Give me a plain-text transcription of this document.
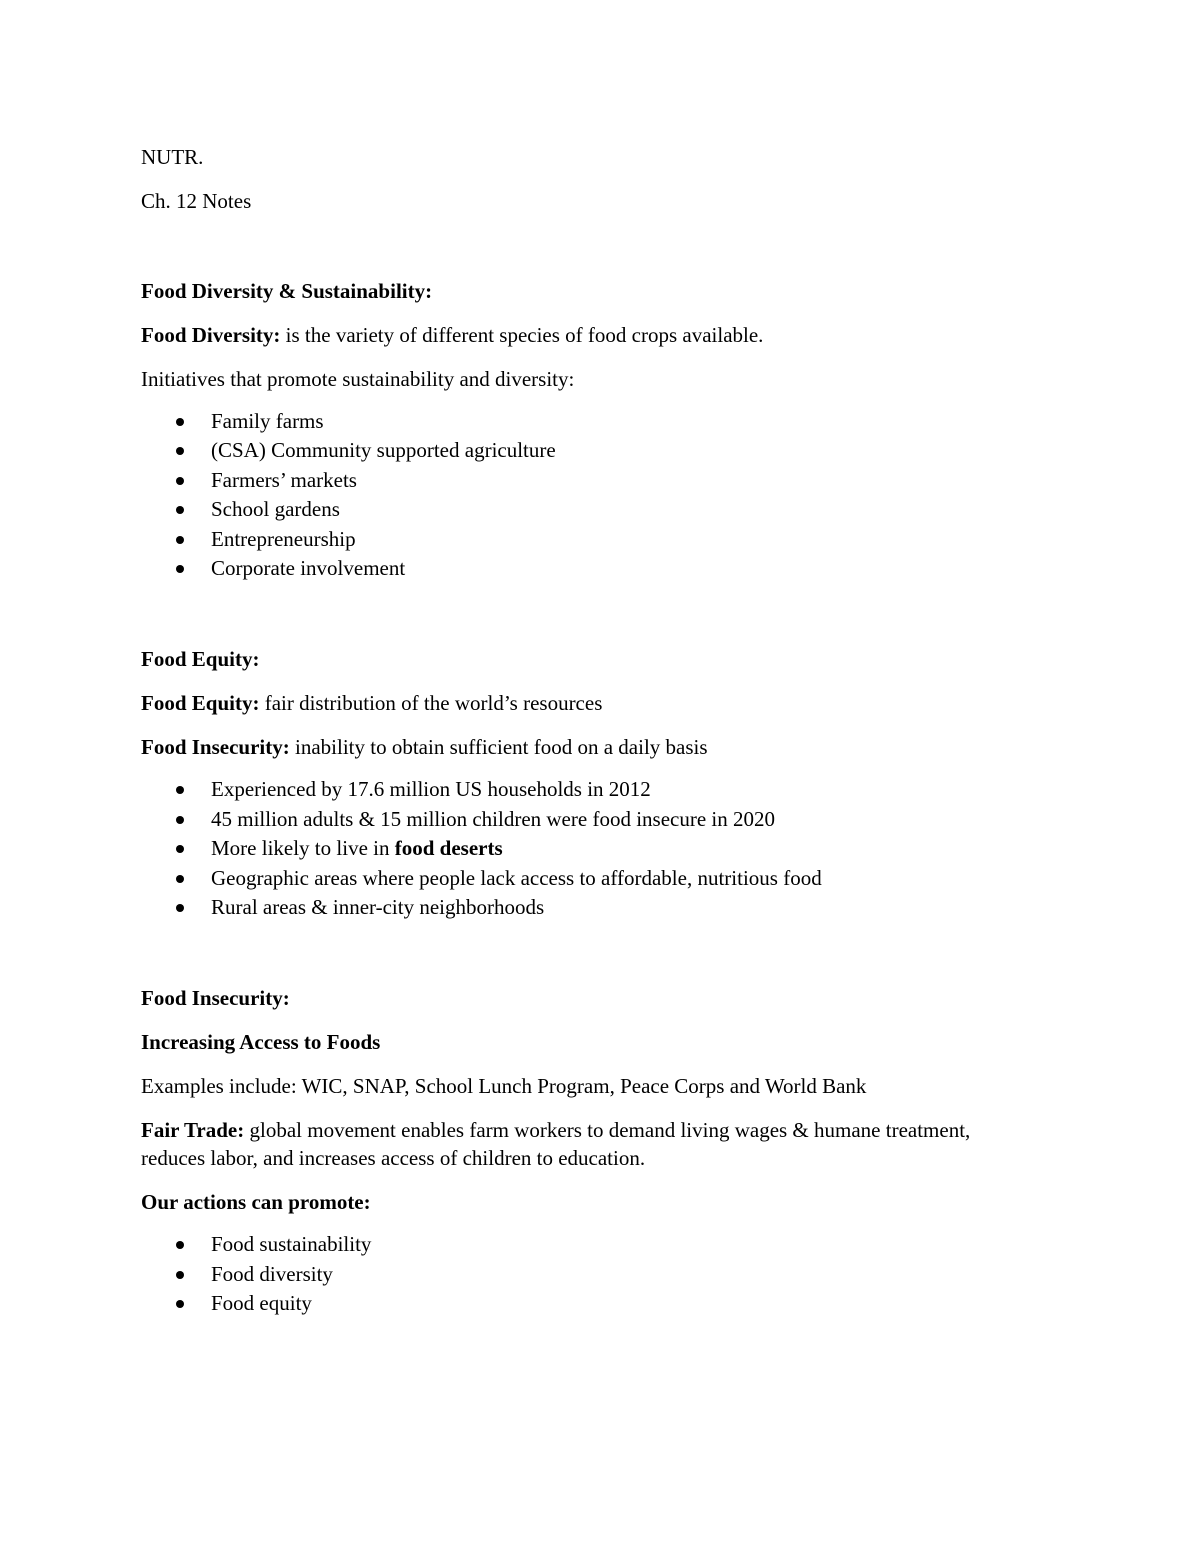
NUTR.

Ch. 12 Notes

Food Diversity & Sustainability:

Food Diversity: is the variety of different species of food crops available.

Initiatives that promote sustainability and diversity:

Family farms
(CSA) Community supported agriculture
Farmers’ markets
School gardens
Entrepreneurship
Corporate involvement

Food Equity:

Food Equity: fair distribution of the world’s resources

Food Insecurity: inability to obtain sufficient food on a daily basis

Experienced by 17.6 million US households in 2012
45 million adults & 15 million children were food insecure in 2020
More likely to live in food deserts
Geographic areas where people lack access to affordable, nutritious food
Rural areas & inner-city neighborhoods

Food Insecurity:

Increasing Access to Foods

Examples include: WIC, SNAP, School Lunch Program, Peace Corps and World Bank

Fair Trade: global movement enables farm workers to demand living wages & humane treatment, reduces labor, and increases access of children to education.

Our actions can promote:

Food sustainability
Food diversity
Food equity
